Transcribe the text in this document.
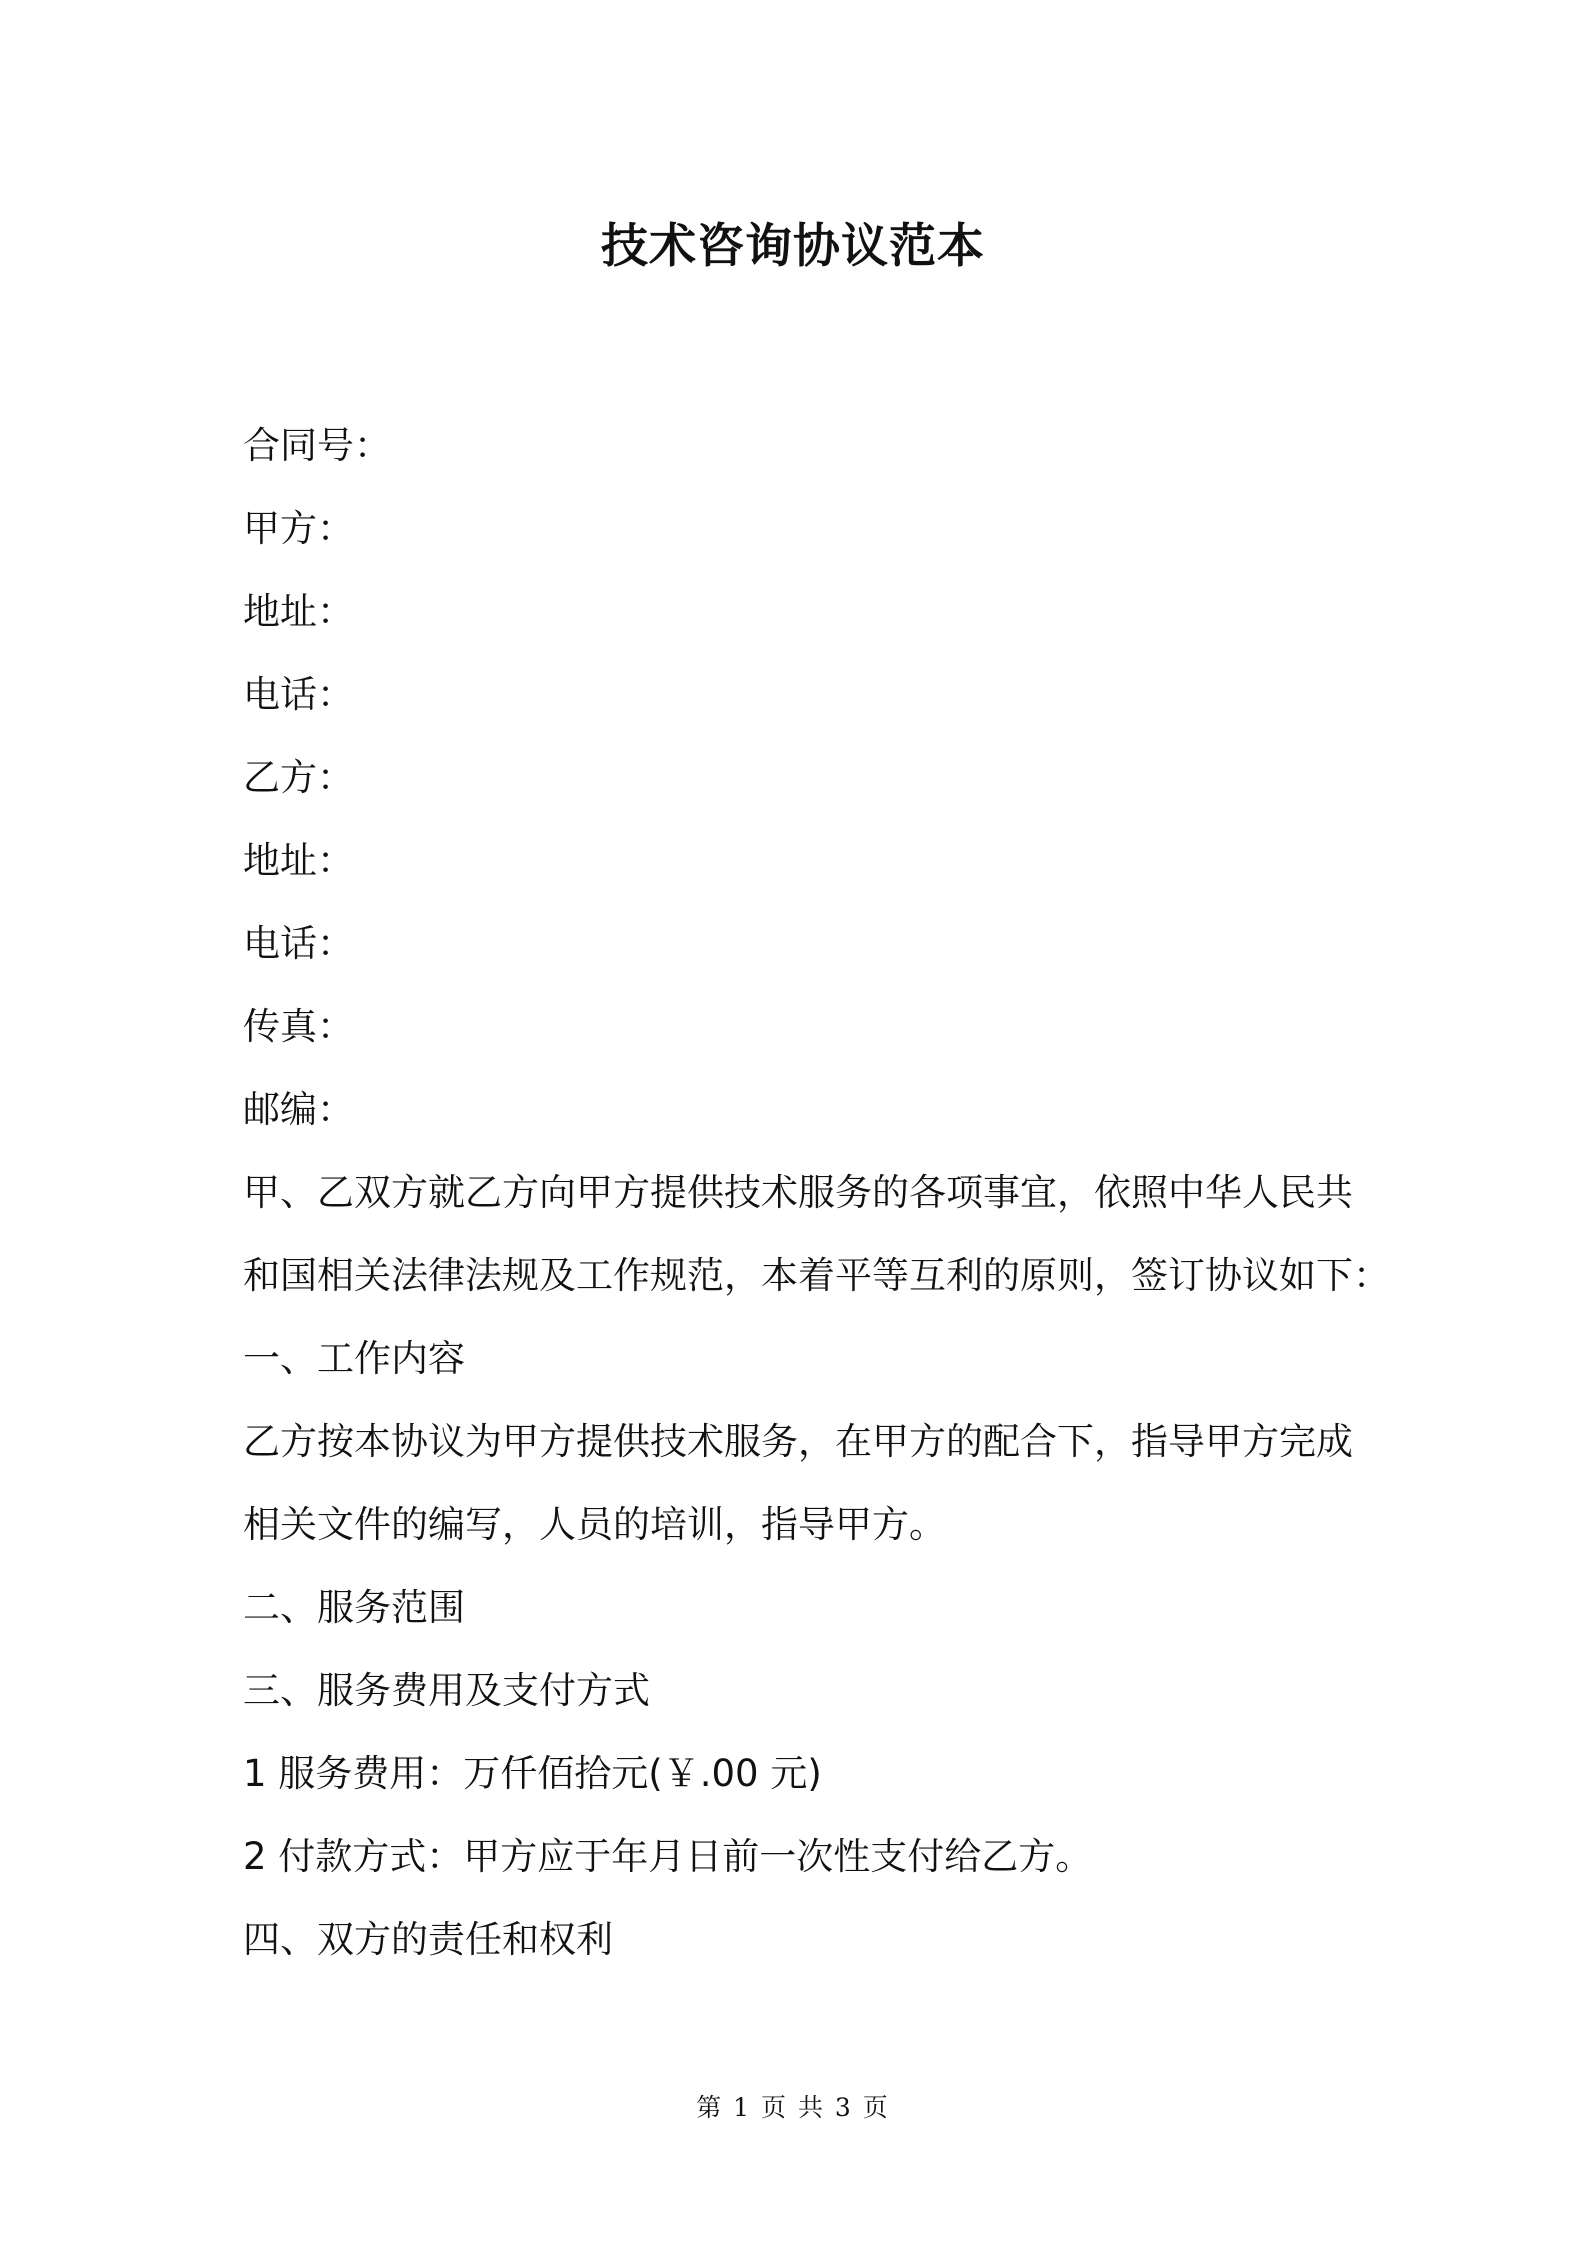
技术咨询协议范本

合同号：

甲方：

地址：

电话：

乙方：

地址：

电话：

传真：

邮编：

甲、乙双方就乙方向甲方提供技术服务的各项事宜，依照中华人民共

和国相关法律法规及工作规范，本着平等互利的原则，签订协议如下：

一、工作内容

乙方按本协议为甲方提供技术服务，在甲方的配合下，指导甲方完成

相关文件的编写，人员的培训，指导甲方。

二、服务范围

三、服务费用及支付方式

1 服务费用：万仟佰拾元(￥.00 元)

2 付款方式：甲方应于年月日前一次性支付给乙方。

四、双方的责任和权利

第 1 页 共 3 页
